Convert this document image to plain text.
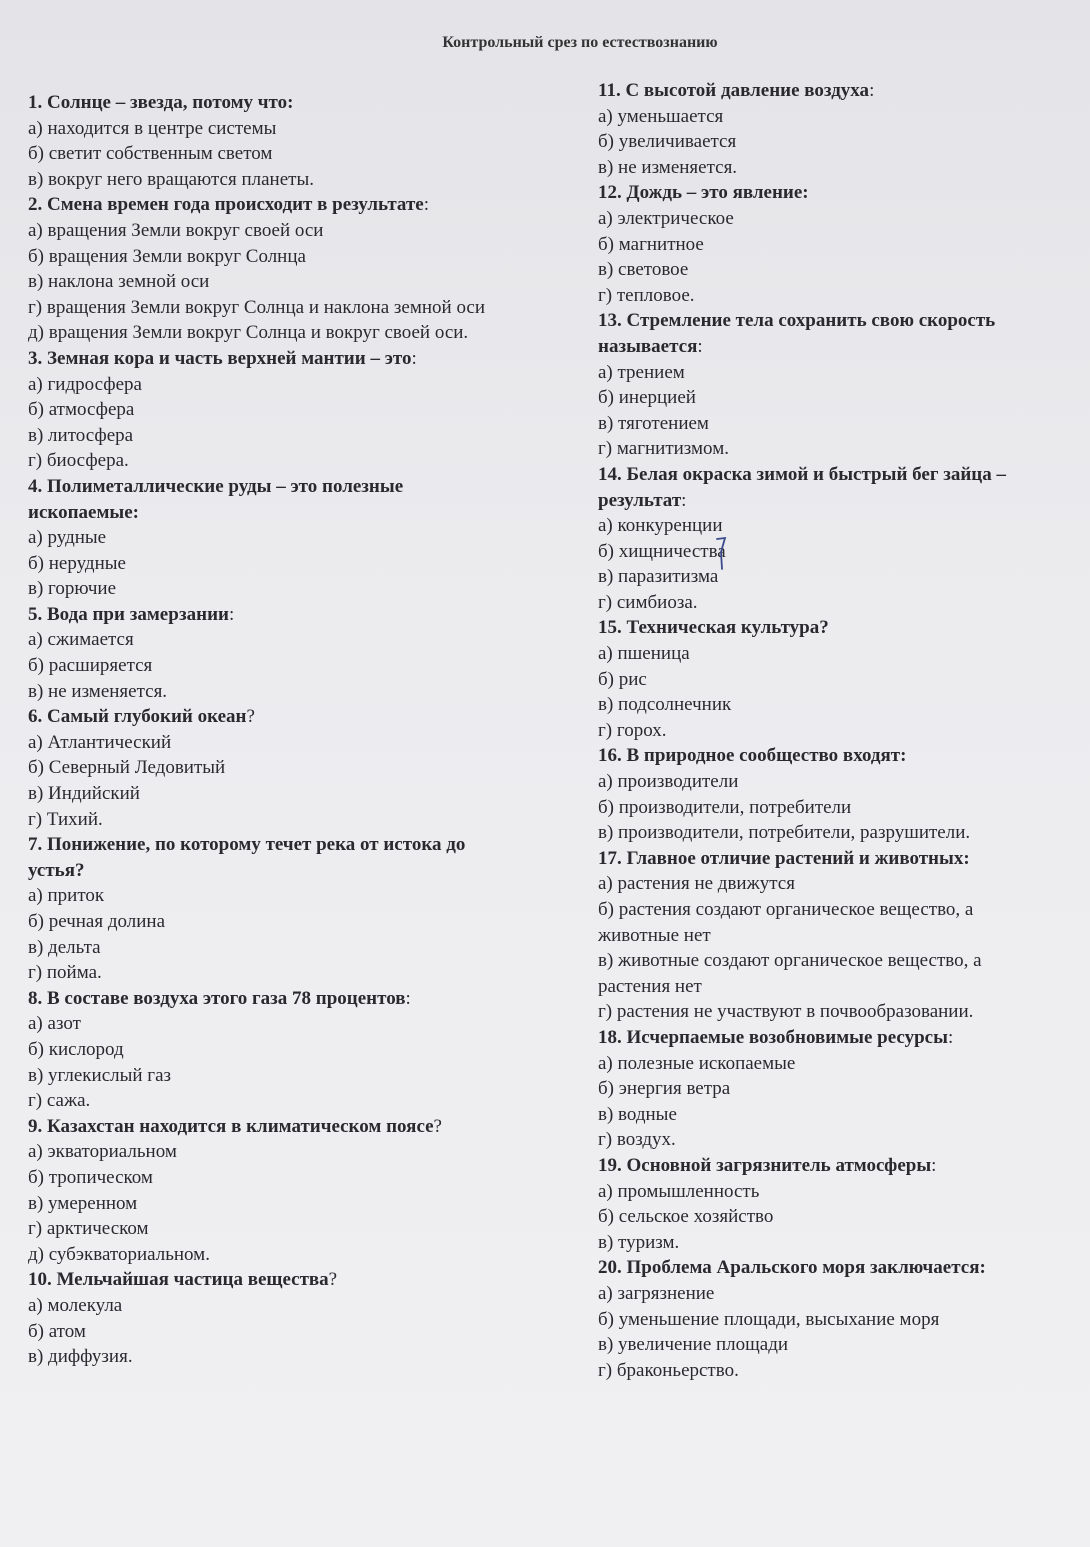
Контрольный срез по естествознанию

1. Солнце – звезда, потому что:

а) находится в центре системы

б) светит собственным светом

в) вокруг него вращаются планеты.

2. Смена времен года происходит в результате:

а) вращения Земли вокруг своей оси

б) вращения Земли вокруг Солнца

в) наклона земной оси

г) вращения Земли вокруг Солнца и наклона земной оси

д) вращения Земли вокруг Солнца и вокруг своей оси.

3. Земная кора и часть верхней мантии – это:

а) гидросфера

б) атмосфера

в) литосфера

г) биосфера.

4. Полиметаллические руды – это полезные ископаемые:

а) рудные

б) нерудные

в) горючие

5. Вода при замерзании:

а) сжимается

б) расширяется

в) не изменяется.

6. Самый глубокий океан?

а) Атлантический

б) Северный Ледовитый

в) Индийский

г) Тихий.

7. Понижение, по которому течет река от истока до устья?

а) приток

б) речная долина

в) дельта

г) пойма.

8. В составе воздуха этого газа 78 процентов:

а) азот

б) кислород

в) углекислый газ

г) сажа.

9. Казахстан находится в климатическом поясе?

а) экваториальном

б) тропическом

в) умеренном

г) арктическом

д) субэкваториальном.

10. Мельчайшая частица вещества?

а) молекула

б) атом

в) диффузия.

11. С высотой давление воздуха:

а) уменьшается

б) увеличивается

в) не изменяется.

12. Дождь – это явление:

а) электрическое

б) магнитное

в) световое

г) тепловое.

13. Стремление тела сохранить свою скорость называется:

а) трением

б) инерцией

в) тяготением

г) магнитизмом.

14. Белая окраска зимой и быстрый бег зайца – результат:

а) конкуренции

б) хищничества

в) паразитизма

г) симбиоза.

15. Техническая культура?

а) пшеница

б) рис

в) подсолнечник

г) горох.

16. В природное сообщество входят:

а) производители

б) производители, потребители

в) производители, потребители, разрушители.

17. Главное отличие растений и животных:

а) растения не движутся

б) растения создают органическое вещество, а животные нет

в) животные создают органическое вещество, а растения нет

г) растения не участвуют в почвообразовании.

18. Исчерпаемые возобновимые ресурсы:

а) полезные ископаемые

б) энергия ветра

в) водные

г) воздух.

19. Основной загрязнитель атмосферы:

а) промышленность

б) сельское хозяйство

в) туризм.

20. Проблема Аральского моря заключается:

а) загрязнение

б) уменьшение площади, высыхание моря

в) увеличение площади

г) браконьерство.
